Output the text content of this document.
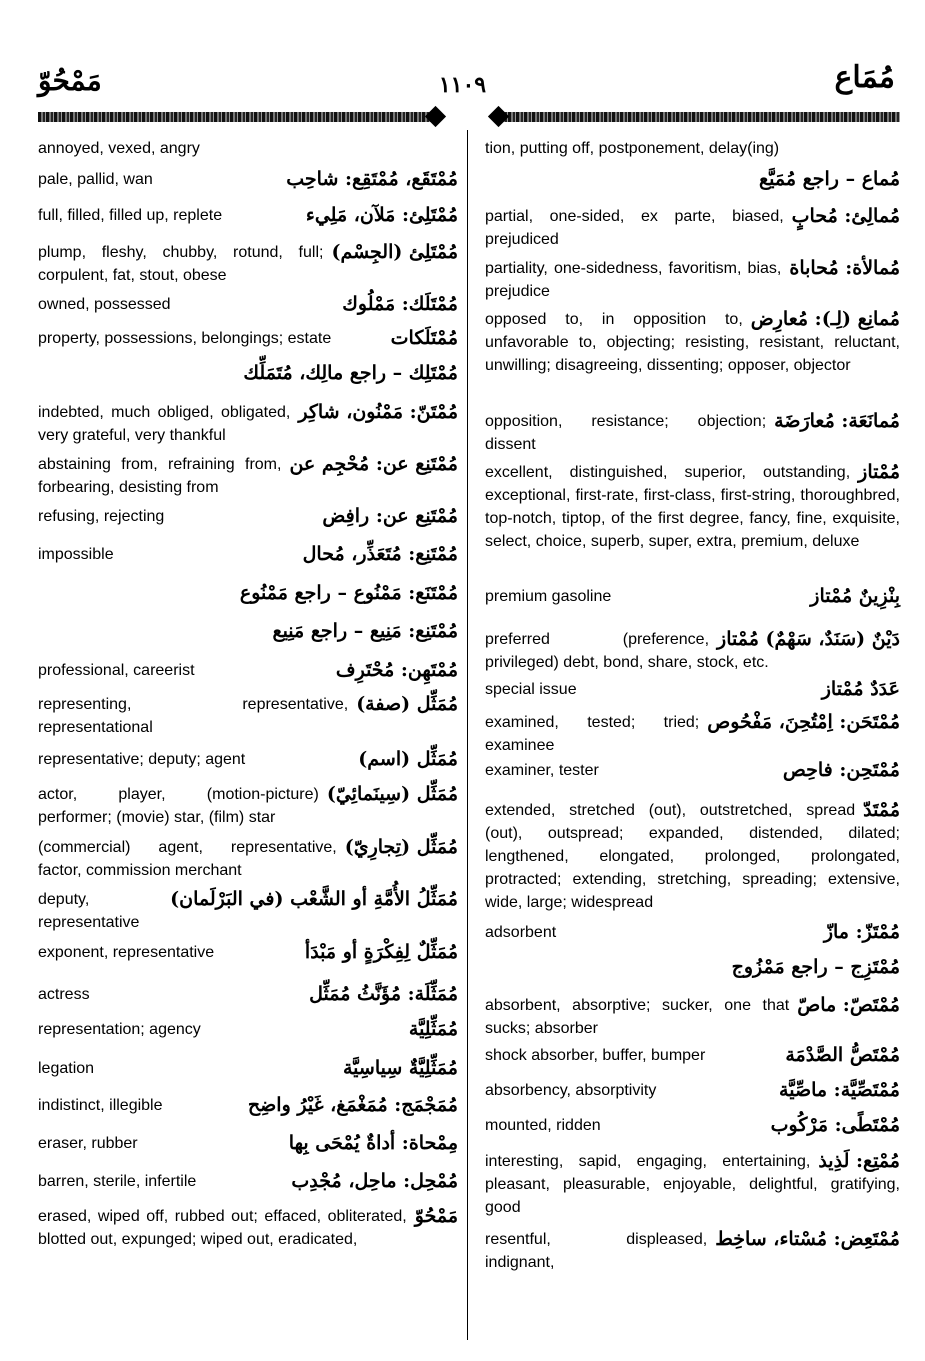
مَمْحُوّ	١١٠٩	مُمَاع
annoyed, vexed, angry
مُمْتَقَع، مُمْتَقِع: شاحِب
pale, pallid, wan
مُمْتَلِئ: مَلآن، مَلِيء
full, filled, filled up, replete
مُمْتَلِئ (الجِسْم)
plump, fleshy, chubby, rotund, full; corpulent, fat, stout, obese
مُمْتَلَك: مَمْلُوك
owned, possessed
مُمْتَلَكات
property, possessions, belongings; estate
مُمْتَلِك – راجع مالِك، مُتَمَلِّك
مُمْتَنّ: مَمْنُون، شاكِر
indebted, much obliged, obligated, very grateful, very thankful
مُمْتَنِع عن: مُحْجِم عن
abstaining from, refraining from, forbearing, desisting from
مُمْتَنِع عن: رافِض
refusing, rejecting
مُمْتَنِع: مُتَعَذِّر، مُحال
impossible
مُمْتَنَع: مَمْنُوع – راجع مَمْنُوع
مُمْتَنِع: مَنِيع – راجع مَنِيع
مُمْتَهِن: مُحْتَرِف
professional, careerist
مُمَثِّل (صفة)
representing, representative, representational
مُمَثِّل (اسم)
representative; deputy; agent
مُمَثِّل (سِينَمائِيّ)
actor, player, (motion-picture) performer; (movie) star, (film) star
مُمَثِّل (تِجارِيّ)
(commercial) agent, representative, factor, commission merchant
مُمَثِّلُ الأُمَّةِ أو الشَّعْب (في البَرْلَمان)
deputy, representative
مُمَثِّلٌ لِفِكْرَةٍ أو مَبْدَأ
exponent, representative
مُمَثِّلَة: مُؤَنَّثُ مُمَثِّل
actress
مُمَثِّلِيَّة
representation; agency
مُمَثِّلِيَّةٌ سِياسِيَّة
legation
مُمَجْمَج: مُمَغْمَغ، غَيْرُ واضِح
indistinct, illegible
مِمْحاة: أداةٌ يُمْحَى بِها
eraser, rubber
مُمْحِل: ماحِل، مُجْدِب
barren, sterile, infertile
مَمْحُوّ
erased, wiped off, rubbed out; effaced, obliterated, blotted out, expunged; wiped out, eradicated,
tion, putting off, postponement, delay(ing)
مُماع – راجع مُمَيَّع
مُمالِئ: مُحابٍ
partial, one-sided, ex parte, biased, prejudiced
مُمالأة: مُحاباة
partiality, one-sidedness, favoritism, bias, prejudice
مُمانِع (لِـ): مُعارِض
opposed to, in opposition to, unfavorable to, objecting; resisting, resistant, reluctant, unwilling; disagreeing, dissenting; opposer, objector
مُمانَعَة: مُعارَضَة
opposition, resistance; objection; dissent
مُمْتاز
excellent, distinguished, superior, outstanding, exceptional, first-rate, first-class, first-string, thoroughbred, top-notch, tiptop, of the first degree, fancy, fine, exquisite, select, choice, superb, super, extra, premium, deluxe
بِنْزِينٌ مُمْتاز
premium gasoline
دَيْنٌ (سَنَدٌ، سَهْمٌ) مُمْتاز
preferred (preference, privileged) debt, bond, share, stock, etc.
عَدَدٌ مُمْتاز
special issue
مُمْتَحَن: اِمْتُحِنَ، مَفْحُوص
examined, tested; tried; examinee
مُمْتَحِن: فاحِص
examiner, tester
مُمْتَدّ
extended, stretched (out), outstretched, spread (out), outspread; expanded, distended, dilated; lengthened, elongated, prolonged, prolongated, protracted; extending, stretching, spreading; extensive, wide, large; widespread
مُمْتَزّ: مازّ
adsorbent
مُمْتَزِج – راجع مَمْزُوج
مُمْتَصّ: ماصّ
absorbent, absorptive; sucker, one that sucks; absorber
مُمْتَصُّ الصَّدْمَة
shock absorber, buffer, bumper
مُمْتَصِّيَّة: ماصِّيَّة
absorbency, absorptivity
مُمْتَطًى: مَرْكُوب
mounted, ridden
مُمْتِع: لَذِيذ
interesting, sapid, engaging, entertaining, pleasant, pleasurable, enjoyable, delightful, gratifying, good
مُمْتَعِض: مُسْتاء، ساخِط
resentful, displeased, indignant,
